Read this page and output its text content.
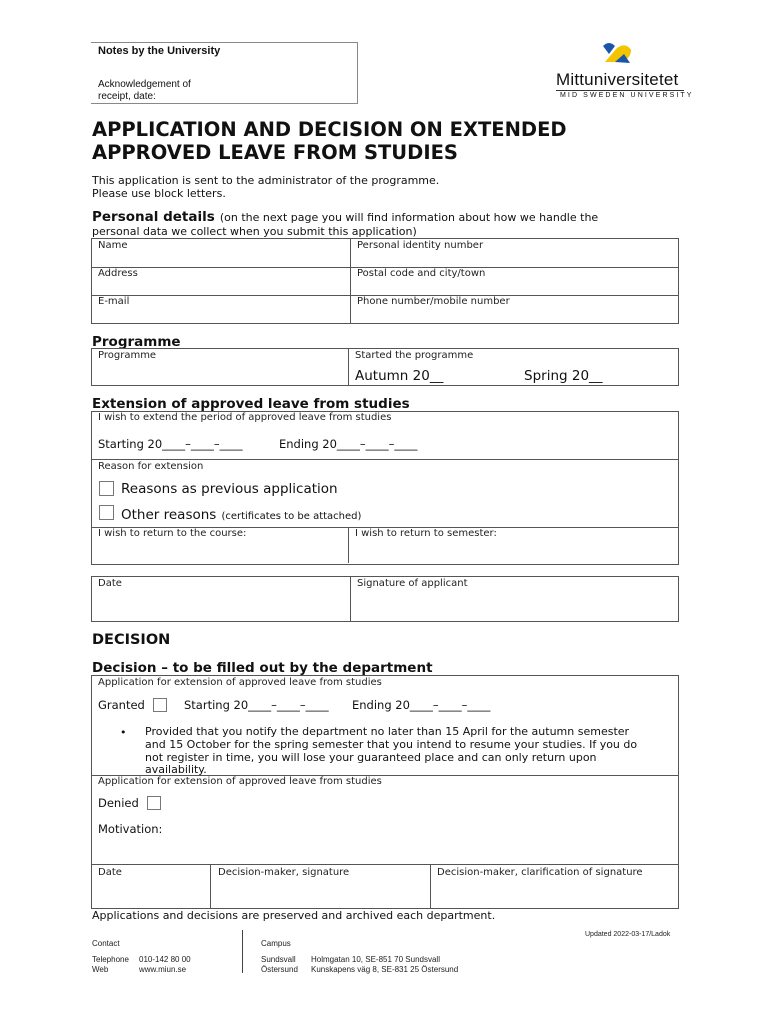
Notes by the University
Acknowledgement of
receipt, date:
Mittuniversitetet
MID SWEDEN UNIVERSITY
APPLICATION AND DECISION ON EXTENDED
APPROVED LEAVE FROM STUDIES
This application is sent to the administrator of the programme.
Please use block letters.
Personal details (on the next page you will find information about how we handle the
personal data we collect when you submit this application)
Name	Personal identity number
Address	Postal code and city/town
E-mail	Phone number/mobile number
Programme
Programme	Started the programme
Autumn 20__	Spring 20__
Extension of approved leave from studies
I wish to extend the period of approved leave from studies
Starting 20____–____–____	Ending 20____–____–____
Reason for extension
Reasons as previous application
Other reasons (certificates to be attached)
I wish to return to the course:	I wish to return to semester:
Date	Signature of applicant
DECISION
Decision – to be filled out by the department
Application for extension of approved leave from studies
Granted	Starting 20____–____–____ Ending 20____–____–____
• Provided that you notify the department no later than 15 April for the autumn semester
and 15 October for the spring semester that you intend to resume your studies. If you do
not register in time, you will lose your guaranteed place and can only return upon
availability.
Application for extension of approved leave from studies
Denied
Motivation:
Date	Decision-maker, signature	Decision-maker, clarification of signature
Applications and decisions are preserved and archived each department.
Updated 2022-03-17/Ladok
Contact
Telephone 010-142 80 00
Web	www.miun.se
Campus
Sundsvall Holmgatan 10, SE-851 70 Sundsvall
Östersund Kunskapens väg 8, SE-831 25 Östersund
